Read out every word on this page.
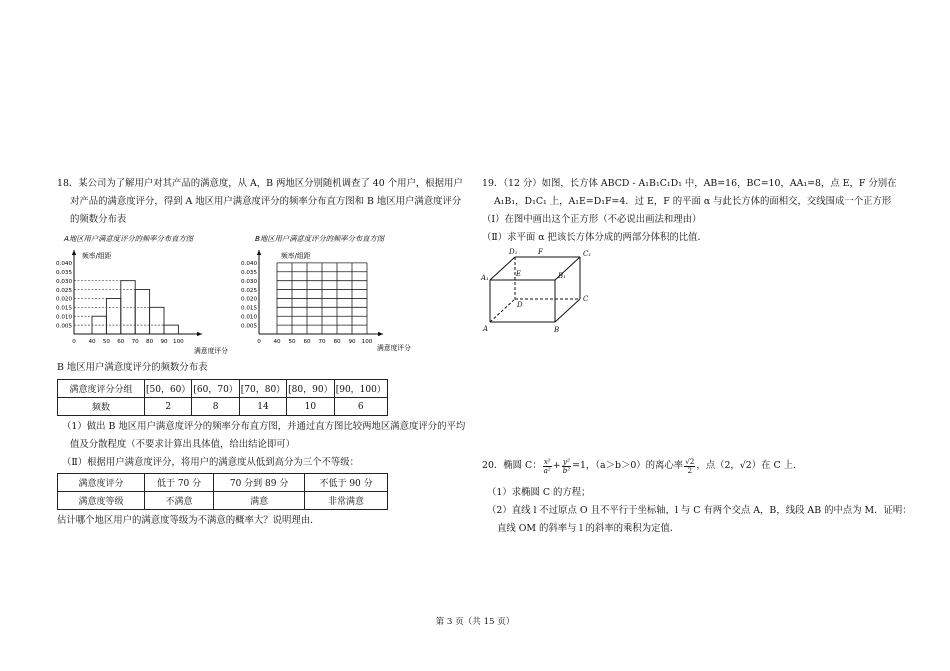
18．某公司为了解用户对其产品的满意度，从 A，B 两地区分别随机调查了 40 个用户，根据用户
对产品的满意度评分，得到 A 地区用户满意度评分的频率分布直方图和 B 地区用户满意度评分
的频数分布表
A地区用户满意度评分的频率分布直方图
频率/组距
满意度评分
0.040
0.035
0.030
0.025
0.020
0.015
0.010
0.005
0 40 50 60 70 80 90 100
B地区用户满意度评分的频率分布直方图
频率/组距
满意度评分
0.040
0.035
0.030
0.025
0.020
0.015
0.010
0.005
0 40 50 60 70 80 90 100
B 地区用户满意度评分的频数分布表
满意度评分分组	[50，60）	[60，70）	[70，80）	[80，90）	[90，100）
频数	2	8	14	10	6
（1）做出 B 地区用户满意度评分的频率分布直方图，并通过直方图比较两地区满意度评分的平均
值及分散程度（不要求计算出具体值，给出结论即可）
（Ⅱ）根据用户满意度评分，将用户的满意度从低到高分为三个不等级：
满意度评分	低于 70 分	70 分到 89 分	不低于 90 分
满意度等级	不满意	满意	非常满意
估计哪个地区用户的满意度等级为不满意的概率大？说明理由．
19．（12 分）如图，长方体 ABCD - A₁B₁C₁D₁ 中，AB=16，BC=10，AA₁=8，点 E，F 分别在
A₁B₁，D₁C₁ 上，A₁E=D₁F=4．过 E，F 的平面 α 与此长方体的面相交，交线围成一个正方形
（Ⅰ）在图中画出这个正方形（不必说出画法和理由）
（Ⅱ）求平面 α 把该长方体分成的两部分体积的比值．
D₁	F	C₁
A₁	E	B₁
D
C
A	B
20．椭圆 C： $\frac{\text{x²}}{\text{a²}} + \frac{\text{y²}}{\text{b²}} =1$，（a＞b＞0）的离心率 $\frac{√2}{2}$ ，点（2， √2 ）在 C 上．
（1）求椭圆 C 的方程；
（2）直线 l 不过原点 O 且不平行于坐标轴，l 与 C 有两个交点 A，B，线段 AB 的中点为 M．证明：
直线 OM 的斜率与 l 的斜率的乘积为定值．
第 3 页（共 15 页）
